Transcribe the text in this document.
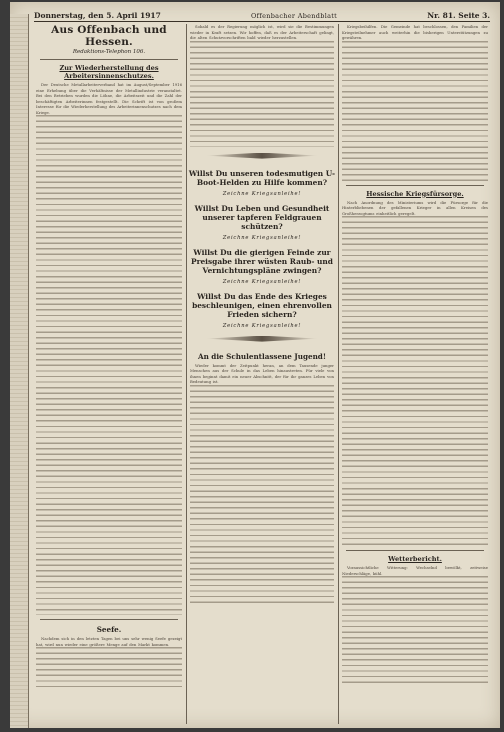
Donnerstag, den 5. April 1917	Offenbacher Abendblatt	Nr. 81. Seite 3.
Aus Offenbach und Hessen.
Redaktions-Telephon 106.
Zur Wiederherstellung des Arbeitersinnenschutzes.
Der Deutsche Metallarbeiterverband hat im August/September 1916 eine Erhebung über die Verhältnisse der Metallindustrie veranstaltet. Bei den Betrieben wurden die Löhne, die Arbeitszeit und die Zahl der beschäftigten Arbeiterinnen festgestellt. Die Schrift ist von großem Interesse für die Wiederherstellung des Arbeiterinnenschutzes nach dem Kriege.
Seefe.
Nachdem sich in den letzten Tagen bei uns sehr wenig Seefe gezeigt hat, wird nun wieder eine größere Menge auf den Markt kommen.
Sobald es der Regierung möglich ist, wird sie die Bestimmungen wieder in Kraft setzen. Wir hoffen, daß es der Arbeiterschaft gelingt, die alten Schutzvorschriften bald wieder herzustellen.

Willst Du unseren todesmutigen U-Boot-Helden zu Hilfe kommen?

Zeichne Kriegsanleihe!

Willst Du Leben und Gesundheit unserer tapferen Feldgrauen schützen?

Zeichne Kriegsanleihe!

Willst Du die gierigen Feinde zur Preisgabe ihrer wüsten Raub- und Vernichtungspläne zwingen?

Zeichne Kriegsanleihe!

Willst Du das Ende des Krieges beschleunigen, einen ehrenvollen Frieden sichern?

Zeichne Kriegsanleihe!

An die Schulentlassene Jugend!
Wieder kommt der Zeitpunkt heran, an dem Tausende junger Menschen aus der Schule in das Leben hinaustreten. Für viele von ihnen beginnt damit ein neuer Abschnitt, der für ihr ganzes Leben von Bedeutung ist.
Kriegsbeihilfen. Die Gemeinde hat beschlossen, den Familien der Kriegsteilnehmer auch weiterhin die bisherigen Unterstützungen zu gewähren.
Hessische Kriegsfürsorge.
Nach Anordnung des Ministeriums wird die Fürsorge für die Hinterbliebenen der gefallenen Krieger in allen Kreisen des Großherzogtums einheitlich geregelt.
Wetterbericht.
Voraussichtliche Witterung: Wechselnd bewölkt, zeitweise Niederschläge, kühl.
